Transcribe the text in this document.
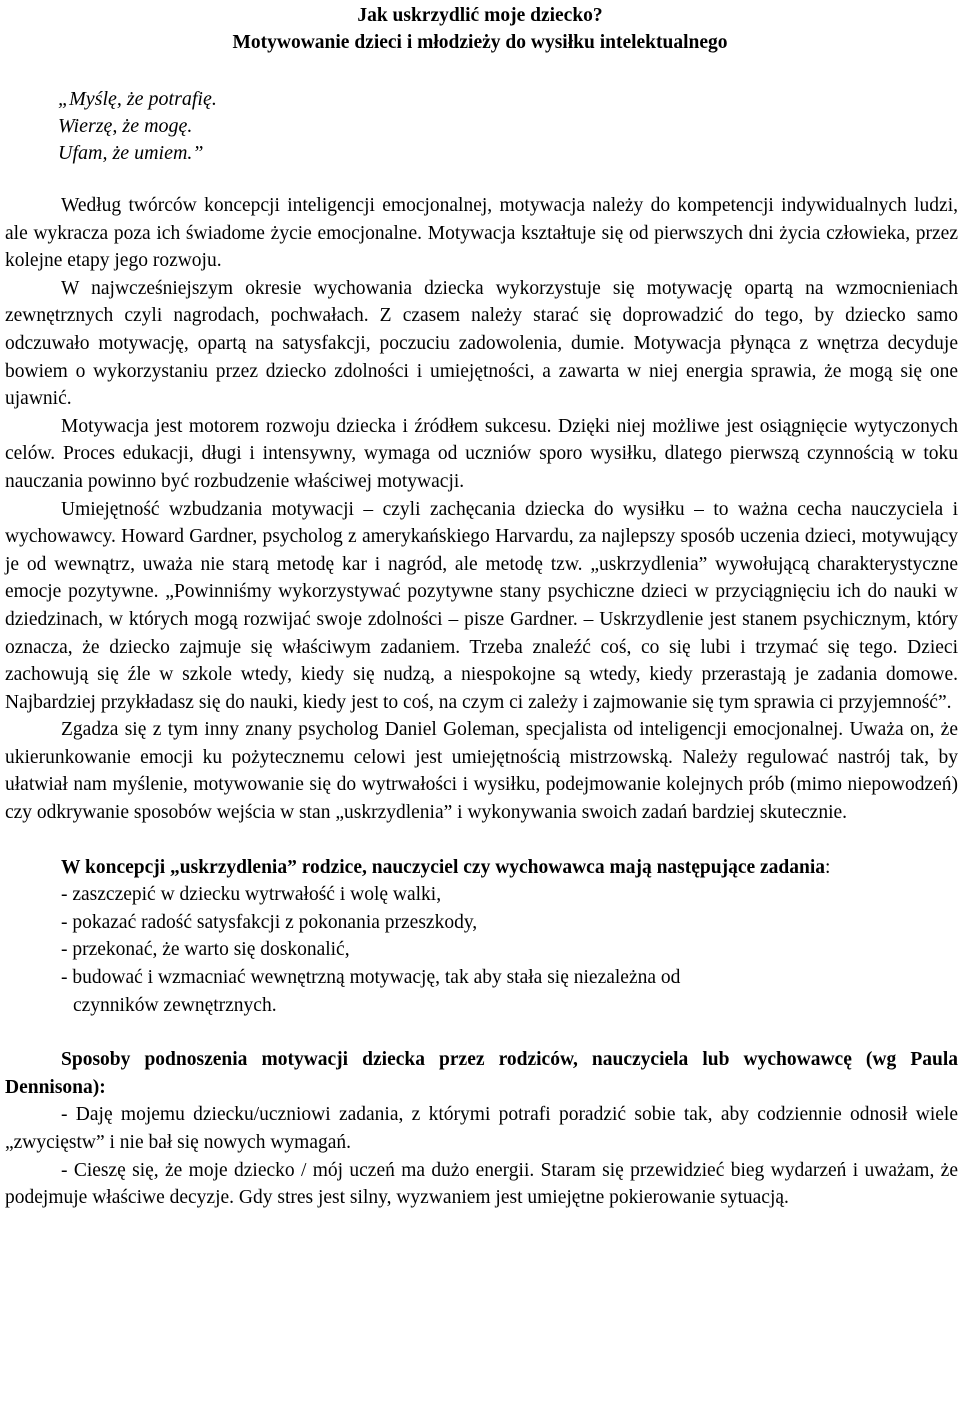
Jak uskrzydlić moje dziecko?
Motywowanie dzieci i młodzieży do wysiłku intelektualnego
„Myślę, że potrafię.
Wierzę, że mogę.
Ufam, że umiem.”

Według twórców koncepcji inteligencji emocjonalnej, motywacja należy do kompetencji indywidualnych ludzi, ale wykracza poza ich świadome życie emocjonalne. Motywacja kształtuje się od pierwszych dni życia człowieka, przez kolejne etapy jego rozwoju.

W najwcześniejszym okresie wychowania dziecka wykorzystuje się motywację opartą na wzmocnieniach zewnętrznych czyli nagrodach, pochwałach. Z czasem należy starać się doprowadzić do tego, by dziecko samo odczuwało motywację, opartą na satysfakcji, poczuciu zadowolenia, dumie. Motywacja płynąca z wnętrza decyduje bowiem o wykorzystaniu przez dziecko zdolności i umiejętności, a zawarta w niej energia sprawia, że mogą się one ujawnić.

Motywacja jest motorem rozwoju dziecka i źródłem sukcesu. Dzięki niej możliwe jest osiągnięcie wytyczonych celów. Proces edukacji, długi i intensywny, wymaga od uczniów sporo wysiłku, dlatego pierwszą czynnością w toku nauczania powinno być rozbudzenie właściwej motywacji.

Umiejętność wzbudzania motywacji – czyli zachęcania dziecka do wysiłku – to ważna cecha nauczyciela i wychowawcy. Howard Gardner, psycholog z amerykańskiego Harvardu, za najlepszy sposób uczenia dzieci, motywujący je od wewnątrz, uważa nie starą metodę kar i nagród, ale metodę tzw. „uskrzydlenia” wywołującą charakterystyczne emocje pozytywne. „Powinniśmy wykorzystywać pozytywne stany psychiczne dzieci w przyciągnięciu ich do nauki w dziedzinach, w których mogą rozwijać swoje zdolności – pisze Gardner. – Uskrzydlenie jest stanem psychicznym, który oznacza, że dziecko zajmuje się właściwym zadaniem. Trzeba znaleźć coś, co się lubi i trzymać się tego. Dzieci zachowują się źle w szkole wtedy, kiedy się nudzą, a niespokojne są wtedy, kiedy przerastają je zadania domowe. Najbardziej przykładasz się do nauki, kiedy jest to coś, na czym ci zależy i zajmowanie się tym sprawia ci przyjemność”.

Zgadza się z tym inny znany psycholog Daniel Goleman, specjalista od inteligencji emocjonalnej. Uważa on, że ukierunkowanie emocji ku pożytecznemu celowi jest umiejętnością mistrzowską. Należy regulować nastrój tak, by ułatwiał nam myślenie, motywowanie się do wytrwałości i wysiłku, podejmowanie kolejnych prób (mimo niepowodzeń) czy odkrywanie sposobów wejścia w stan „uskrzydlenia” i wykonywania swoich zadań bardziej skutecznie.

W koncepcji „uskrzydlenia” rodzice, nauczyciel czy wychowawca mają następujące zadania:

- zaszczepić w dziecku wytrwałość i wolę walki,
- pokazać radość satysfakcji z pokonania przeszkody,
- przekonać, że warto się doskonalić,
- budować i wzmacniać wewnętrzną motywację, tak aby stała się niezależna od
czynników zewnętrznych.

Sposoby podnoszenia motywacji dziecka przez rodziców, nauczyciela lub wychowawcę (wg Paula Dennisona):

- Daję mojemu dziecku/uczniowi zadania, z którymi potrafi poradzić sobie tak, aby codziennie odnosił wiele „zwycięstw” i nie bał się nowych wymagań.

- Cieszę się, że moje dziecko / mój uczeń ma dużo energii. Staram się przewidzieć bieg wydarzeń i uważam, że podejmuje właściwe decyzje. Gdy stres jest silny, wyzwaniem jest umiejętne pokierowanie sytuacją.
